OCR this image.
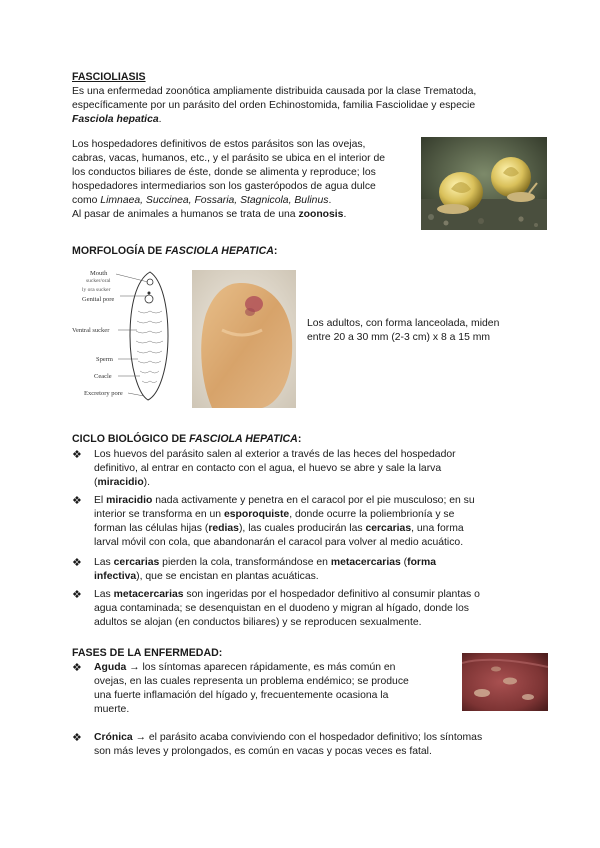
FASCIOLIASIS

Es una enfermedad zoonótica ampliamente distribuida causada por la clase Trematoda,

específicamente por un parásito del orden Echinostomida, familia Fasciolidae y especie

Fasciola hepatica.

Los hospedadores definitivos de estos parásitos son las ovejas,

cabras, vacas, humanos, etc., y el parásito se ubica en el interior de

los conductos biliares de éste, donde se alimenta y reproduce; los

hospedadores intermediarios son los gasterópodos de agua dulce

como Limnaea, Succinea, Fossaria, Stagnicola, Bulinus.

Al pasar de animales a humanos se trata de una zoonosis.

MORFOLOGÍA DE FASCIOLA HEPATICA:
Mouth
sucker/oral
ly ora sucker
Genital pore
Ventral sucker
Sperm
Ceacle
Excretory pore

Los adultos, con forma lanceolada, miden

entre 20 a 30 mm (2-3 cm) x 8 a 15 mm

CICLO BIOLÓGICO DE FASCIOLA HEPATICA:
❖ Los huevos del parásito salen al exterior a través de las heces del hospedador

definitivo, al entrar en contacto con el agua, el huevo se abre y sale la larva

(miracidio).

❖ El miracidio nada activamente y penetra en el caracol por el pie musculoso; en su

interior se transforma en un esporoquiste, donde ocurre la poliembrionía y se

forman las células hijas (redias), las cuales producirán las cercarias, una forma

larval móvil con cola, que abandonarán el caracol para volver al medio acuático.

❖ Las cercarias pierden la cola, transformándose en metacercarias (forma

infectiva), que se encistan en plantas acuáticas.

❖ Las metacercarias son ingeridas por el hospedador definitivo al consumir plantas o

agua contaminada; se desenquistan en el duodeno y migran al hígado, donde los

adultos se alojan (en conductos biliares) y se reproducen sexualmente.

FASES DE LA ENFERMEDAD:
❖ Aguda → los síntomas aparecen rápidamente, es más común en

ovejas, en las cuales representa un problema endémico; se produce

una fuerte inflamación del hígado y, frecuentemente ocasiona la

muerte.

❖ Crónica → el parásito acaba conviviendo con el hospedador definitivo; los síntomas

son más leves y prolongados, es común en vacas y pocas veces es fatal.
